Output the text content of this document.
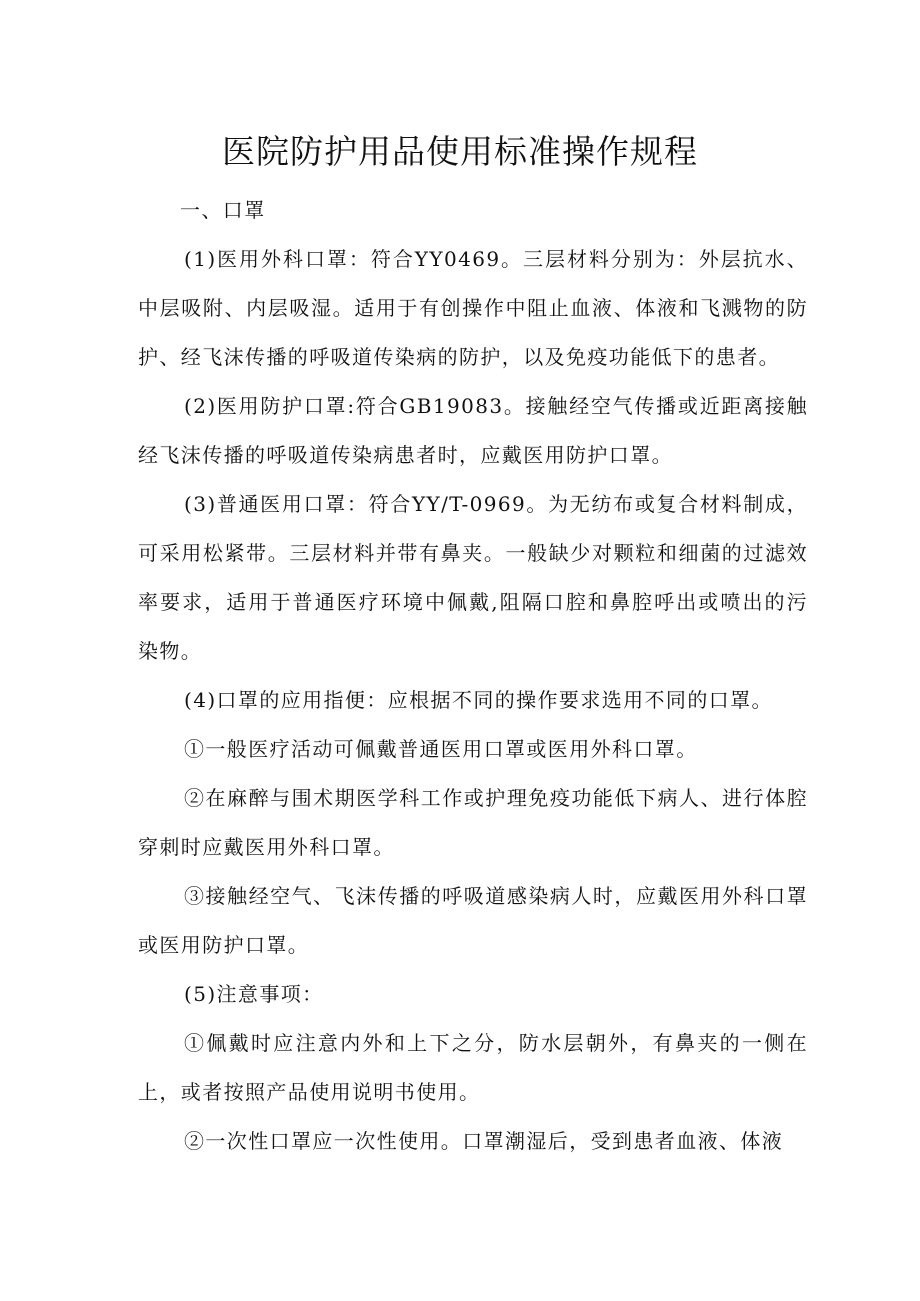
医院防护用品使用标准操作规程

一、口罩

(1)医用外科口罩：符合YY0469。三层材料分别为：外层抗水、中层吸附、内层吸湿。适用于有创操作中阻止血液、体液和飞溅物的防护、经飞沫传播的呼吸道传染病的防护，以及免疫功能低下的患者。

(2)医用防护口罩:符合GB19083。接触经空气传播或近距离接触经飞沫传播的呼吸道传染病患者时，应戴医用防护口罩。

(3)普通医用口罩：符合YY/T-0969。为无纺布或复合材料制成，可采用松紧带。三层材料并带有鼻夹。一般缺少对颗粒和细菌的过滤效率要求，适用于普通医疗环境中佩戴,阻隔口腔和鼻腔呼出或喷出的污染物。

(4)口罩的应用指便：应根据不同的操作要求选用不同的口罩。

①一般医疗活动可佩戴普通医用口罩或医用外科口罩。

②在麻醉与围术期医学科工作或护理免疫功能低下病人、进行体腔穿刺时应戴医用外科口罩。

③接触经空气、飞沫传播的呼吸道感染病人时，应戴医用外科口罩或医用防护口罩。

(5)注意事项：

①佩戴时应注意内外和上下之分，防水层朝外，有鼻夹的一侧在上，或者按照产品使用说明书使用。

②一次性口罩应一次性使用。口罩潮湿后，受到患者血液、体液
